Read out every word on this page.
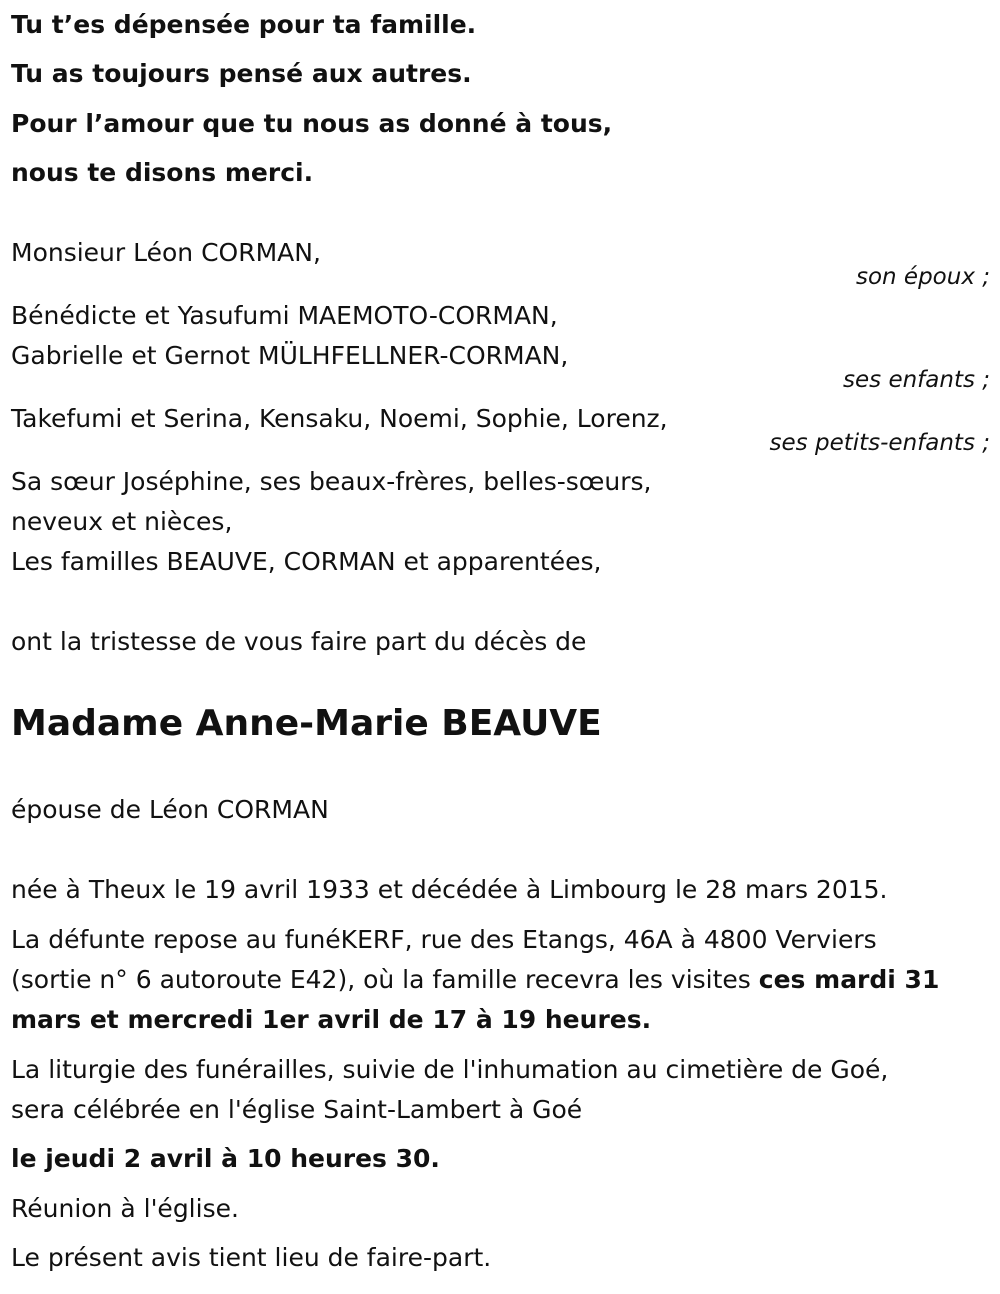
Tu t’es dépensée pour ta famille.
Tu as toujours pensé aux autres.
Pour l’amour que tu nous as donné à tous,
nous te disons merci.
Monsieur Léon CORMAN,
son époux ;
Bénédicte et Yasufumi MAEMOTO-CORMAN,
Gabrielle et Gernot MÜLHFELLNER-CORMAN,
ses enfants ;
Takefumi et Serina, Kensaku, Noemi, Sophie, Lorenz,
ses petits-enfants ;
Sa sœur Joséphine, ses beaux-frères, belles-sœurs,
neveux et nièces,
Les familles BEAUVE, CORMAN et apparentées,
ont la tristesse de vous faire part du décès de
Madame Anne-Marie BEAUVE
épouse de Léon CORMAN
née à Theux le 19 avril 1933 et décédée à Limbourg le 28 mars 2015.
La défunte repose au funéKERF, rue des Etangs, 46A à 4800 Verviers
(sortie n° 6 autoroute E42), où la famille recevra les visites ces mardi 31
mars et mercredi 1er avril de 17 à 19 heures.
La liturgie des funérailles, suivie de l'inhumation au cimetière de Goé,
sera célébrée en l'église Saint-Lambert à Goé
le jeudi 2 avril à 10 heures 30.
Réunion à l'église.
Le présent avis tient lieu de faire-part.
